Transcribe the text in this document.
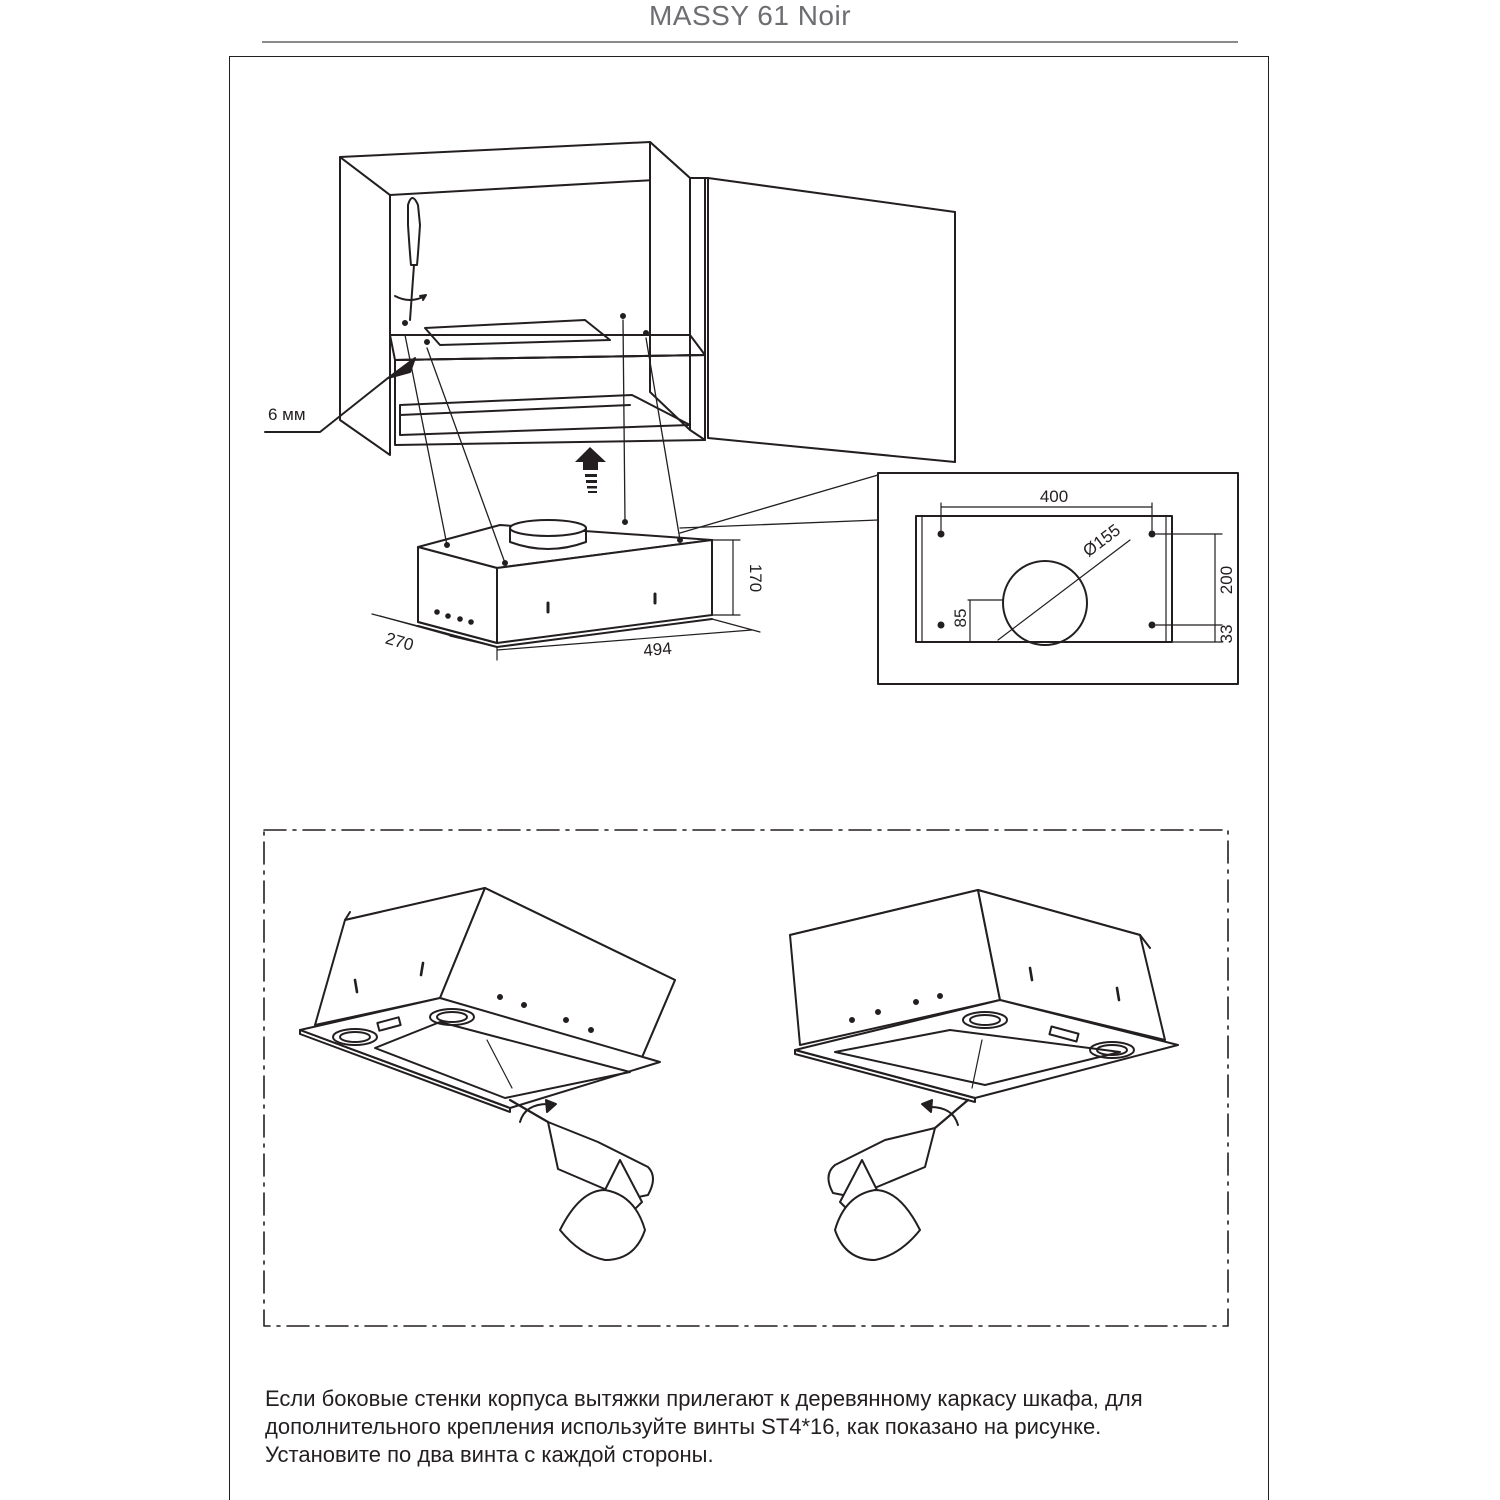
MASSY 61 Noir
6 мм
170
270	494
400
Ø155
200
33
85
Если боковые стенки корпуса вытяжки прилегают к деревянному каркасу шкафа, для
дополнительного крепления используйте винты ST4*16, как показано на рисунке.
Установите по два винта с каждой стороны.
